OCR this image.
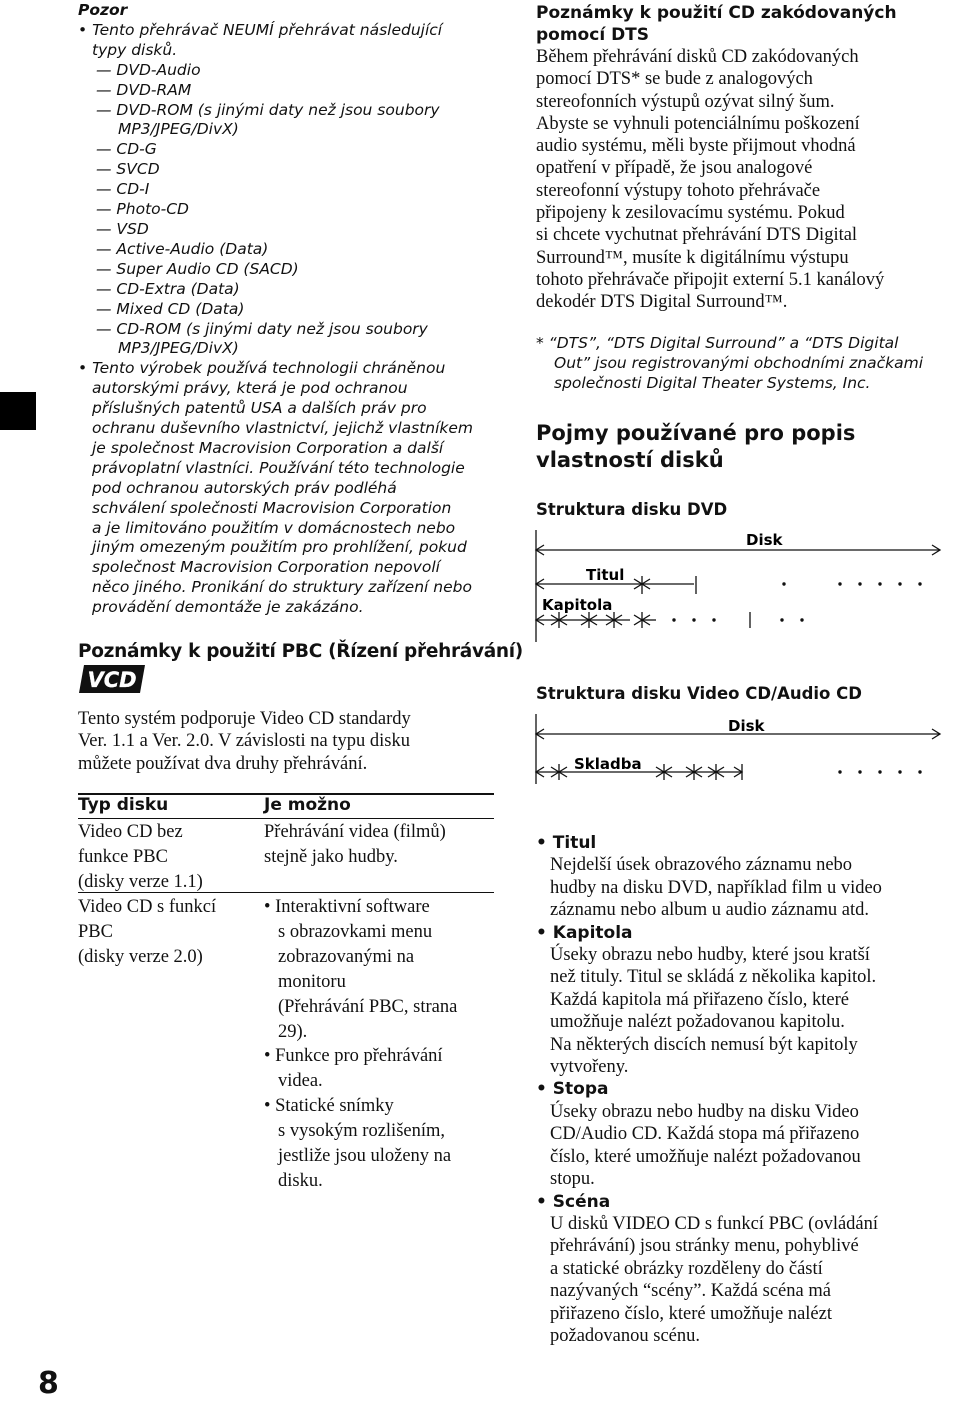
8
Pozor
• Tento přehrávač NEUMÍ přehrávat následující
typy disků.
— DVD-Audio
— DVD-RAM
— DVD-ROM (s jinými daty než jsou soubory
MP3/JPEG/DivX)
— CD-G
— SVCD
— CD-I
— Photo-CD
— VSD
— Active-Audio (Data)
— Super Audio CD (SACD)
— CD-Extra (Data)
— Mixed CD (Data)
— CD-ROM (s jinými daty než jsou soubory
MP3/JPEG/DivX)
• Tento výrobek používá technologii chráněnou
autorskými právy, která je pod ochranou
příslušných patentů USA a dalších práv pro
ochranu duševního vlastnictví, jejichž vlastníkem
je společnost Macrovision Corporation a další
právoplatní vlastníci. Používání této technologie
pod ochranou autorských práv podléhá
schválení společnosti Macrovision Corporation
a je limitováno použitím v domácnostech nebo
jiným omezeným použitím pro prohlížení, pokud
společnost Macrovision Corporation nepovolí
něco jiného. Pronikání do struktury zařízení nebo
provádění demontáže je zakázáno.
Poznámky k použití PBC (Řízení přehrávání)
VCD
Tento systém podporuje Video CD standardy
Ver. 1.1 a Ver. 2.0. V závislosti na typu disku
můžete používat dva druhy přehrávání.
Typ disku	Je možno
Video CD bez
funkce PBC
(disky verze 1.1)
Přehrávání videa (filmů)
stejně jako hudby.
Video CD s funkcí
PBC
(disky verze 2.0)
• Interaktivní software
s obrazovkami menu
zobrazovanými na
monitoru
(Přehrávání PBC, strana
29).
• Funkce pro přehrávání
videa.
• Statické snímky
s vysokým rozlišením,
jestliže jsou uloženy na
disku.
Poznámky k použití CD zakódovaných
pomocí DTS
Během přehrávání disků CD zakódovaných
pomocí DTS* se bude z analogových
stereofonních výstupů ozývat silný šum.
Abyste se vyhnuli potenciálnímu poškození
audio systému, měli byste přijmout vhodná
opatření v případě, že jsou analogové
stereofonní výstupy tohoto přehrávače
připojeny k zesilovacímu systému. Pokud
si chcete vychutnat přehrávání DTS Digital
Surround™, musíte k digitálnímu výstupu
tohoto přehrávače připojit externí 5.1 kanálový
dekodér DTS Digital Surround™.
* “DTS”, “DTS Digital Surround” a “DTS Digital
Out” jsou registrovanými obchodními značkami
společnosti Digital Theater Systems, Inc.
Pojmy používané pro popis
vlastností disků
Struktura disku DVD
Disk
Titul
Kapitola
Struktura disku Video CD/Audio CD
Disk
Skladba
• Titul
Nejdelší úsek obrazového záznamu nebo
hudby na disku DVD, například film u video
záznamu nebo album u audio záznamu atd.
• Kapitola
Úseky obrazu nebo hudby, které jsou kratší
než tituly. Titul se skládá z několika kapitol.
Každá kapitola má přiřazeno číslo, které
umožňuje nalézt požadovanou kapitolu.
Na některých discích nemusí být kapitoly
vytvořeny.
• Stopa
Úseky obrazu nebo hudby na disku Video
CD/Audio CD. Každá stopa má přiřazeno
číslo, které umožňuje nalézt požadovanou
stopu.
• Scéna
U disků VIDEO CD s funkcí PBC (ovládání
přehrávání) jsou stránky menu, pohyblivé
a statické obrázky rozděleny do částí
nazývaných “scény”. Každá scéna má
přiřazeno číslo, které umožňuje nalézt
požadovanou scénu.
